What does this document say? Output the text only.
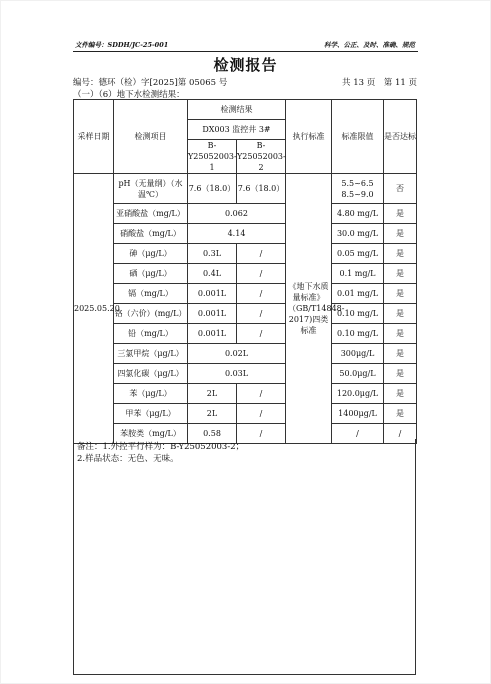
文件编号：SDDH/JC-25-001	科学、公正、及时、准确、规范
检测报告
编号：德环（检）字[2025]第 05065 号	共 13 页　第 11 页
（一）（6）地下水检测结果：
采样日期	检测项目	检测结果		执行标准	标准限值	是否达标
		DX003 监控井 3#				
		B-Y25052003-1	B-Y25052003-2			
2025.05.20	pH（无量纲）（水温℃）	7.6（18.0）	7.6（18.0）	《地下水质量标准》（GB/T14848-2017)四类标准	5.5~6.5 8.5~9.0	否
	亚硝酸盐（mg/L）	0.062			4.80 mg/L	是
	硝酸盐（mg/L）	4.14			30.0 mg/L	是
	砷（μg/L）	0.3L	/		0.05 mg/L	是
	硒（μg/L）	0.4L	/		0.1 mg/L	是
	镉（mg/L）	0.001L	/		0.01 mg/L	是
	铬（六价）(mg/L）	0.001L	/		0.10 mg/L	是
	铅（mg/L）	0.001L	/		0.10 mg/L	是
	三氯甲烷（μg/L）	0.02L			300μg/L	是
	四氯化碳（μg/L）	0.03L			50.0μg/L	是
	苯（μg/L）	2L	/		120.0μg/L	是
	甲苯（μg/L）	2L	/		1400μg/L	是
	苯胺类（mg/L）	0.58	/		/	/
备注：1.外控平行样为：B-Y25052003-2；
2.样品状态：无色、无味。
